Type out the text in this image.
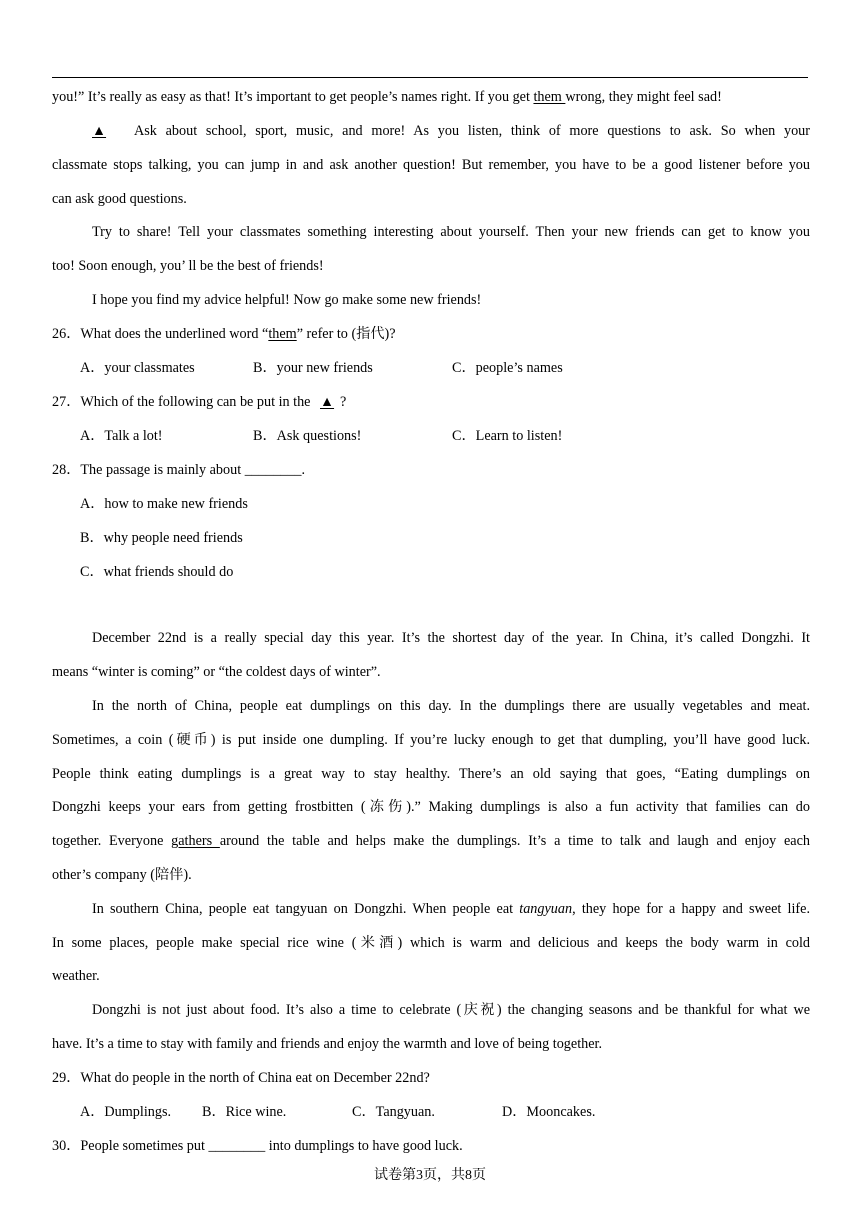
you!” It’s really as easy as that! It’s important to get people’s names right. If you get them wrong, they might feel sad!
▲ Ask about school, sport, music, and more! As you listen, think of more questions to ask. So when your
classmate stops talking, you can jump in and ask another question! But remember, you have to be a good listener before you
can ask good questions.
Try to share! Tell your classmates something interesting about yourself. Then your new friends can get to know you
too! Soon enough, you’ ll be the best of friends!
I hope you find my advice helpful! Now go make some new friends!
26．What does the underlined word “them” refer to (指代)?
A．your classmates	B．your new friends	C．people’s names
27．Which of the following can be put in the ▲ ?
A．Talk a lot!	B．Ask questions!	C．Learn to listen!
28．The passage is mainly about ________.
A．how to make new friends
B．why people need friends
C．what friends should do
December 22nd is a really special day this year. It’s the shortest day of the year. In China, it’s called Dongzhi. It
means “winter is coming” or “the coldest days of winter”.
In the north of China, people eat dumplings on this day. In the dumplings there are usually vegetables and meat.
Sometimes, a coin (硬币) is put inside one dumpling. If you’re lucky enough to get that dumpling, you’ll have good luck.
People think eating dumplings is a great way to stay healthy. There’s an old saying that goes, “Eating dumplings on
Dongzhi keeps your ears from getting frostbitten (冻伤).” Making dumplings is also a fun activity that families can do
together. Everyone gathers around the table and helps make the dumplings. It’s a time to talk and laugh and enjoy each
other’s company (陪伴).
In southern China, people eat tangyuan on Dongzhi. When people eat tangyuan, they hope for a happy and sweet life.
In some places, people make special rice wine (米酒) which is warm and delicious and keeps the body warm in cold
weather.
Dongzhi is not just about food. It’s also a time to celebrate (庆祝) the changing seasons and be thankful for what we
have. It’s a time to stay with family and friends and enjoy the warmth and love of being together.
29．What do people in the north of China eat on December 22nd?
A．Dumplings. B．Rice wine.	C．Tangyuan.	D．Mooncakes.
30．People sometimes put ________ into dumplings to have good luck.
试卷第3页，共8页
